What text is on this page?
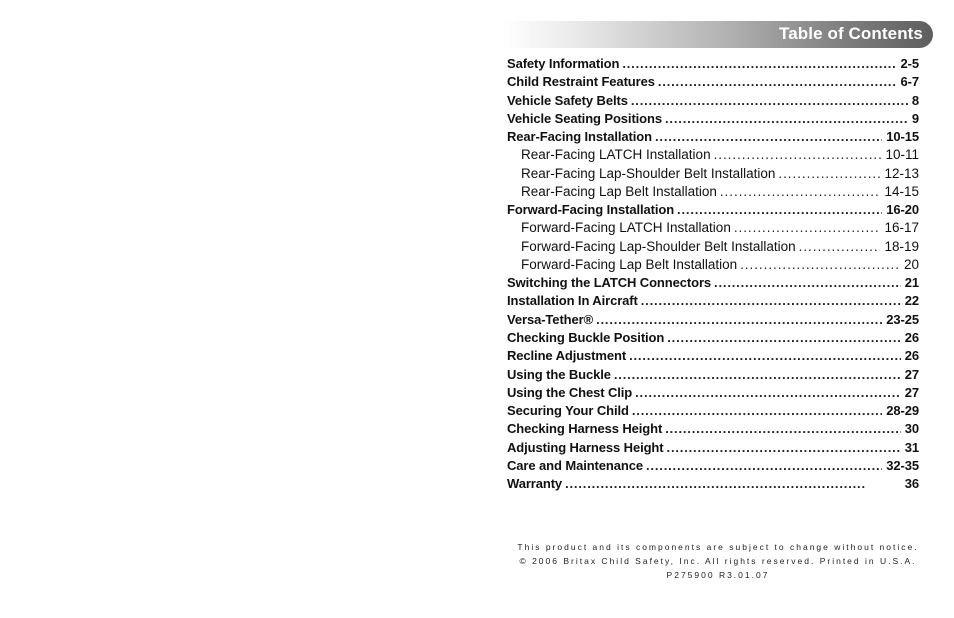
Table of Contents
Safety Information . . .	2-5
Child Restraint Features . . .	6-7
Vehicle Safety Belts . . .	8
Vehicle Seating Positions . . .	9
Rear-Facing Installation . . .	10-15
Rear-Facing LATCH Installation . . .	10-11
Rear-Facing Lap-Shoulder Belt Installation . . .	12-13
Rear-Facing Lap Belt Installation . . .	14-15
Forward-Facing Installation . . .	16-20
Forward-Facing LATCH Installation . . .	16-17
Forward-Facing Lap-Shoulder Belt Installation . . .	18-19
Forward-Facing Lap Belt Installation . . .	20
Switching the LATCH Connectors . . .	21
Installation In Aircraft . . .	22
Versa-Tether® . . .	23-25
Checking Buckle Position . . .	26
Recline Adjustment . . .	26
Using the Buckle . . .	27
Using the Chest Clip . . .	27
Securing Your Child . . .	28-29
Checking Harness Height . . .	30
Adjusting Harness Height . . .	31
Care and Maintenance . . .	32-35
Warranty . . .	36
This product and its components are subject to change without notice.
© 2006 Britax Child Safety, Inc. All rights reserved. Printed in U.S.A.
P275900 R3.01.07
